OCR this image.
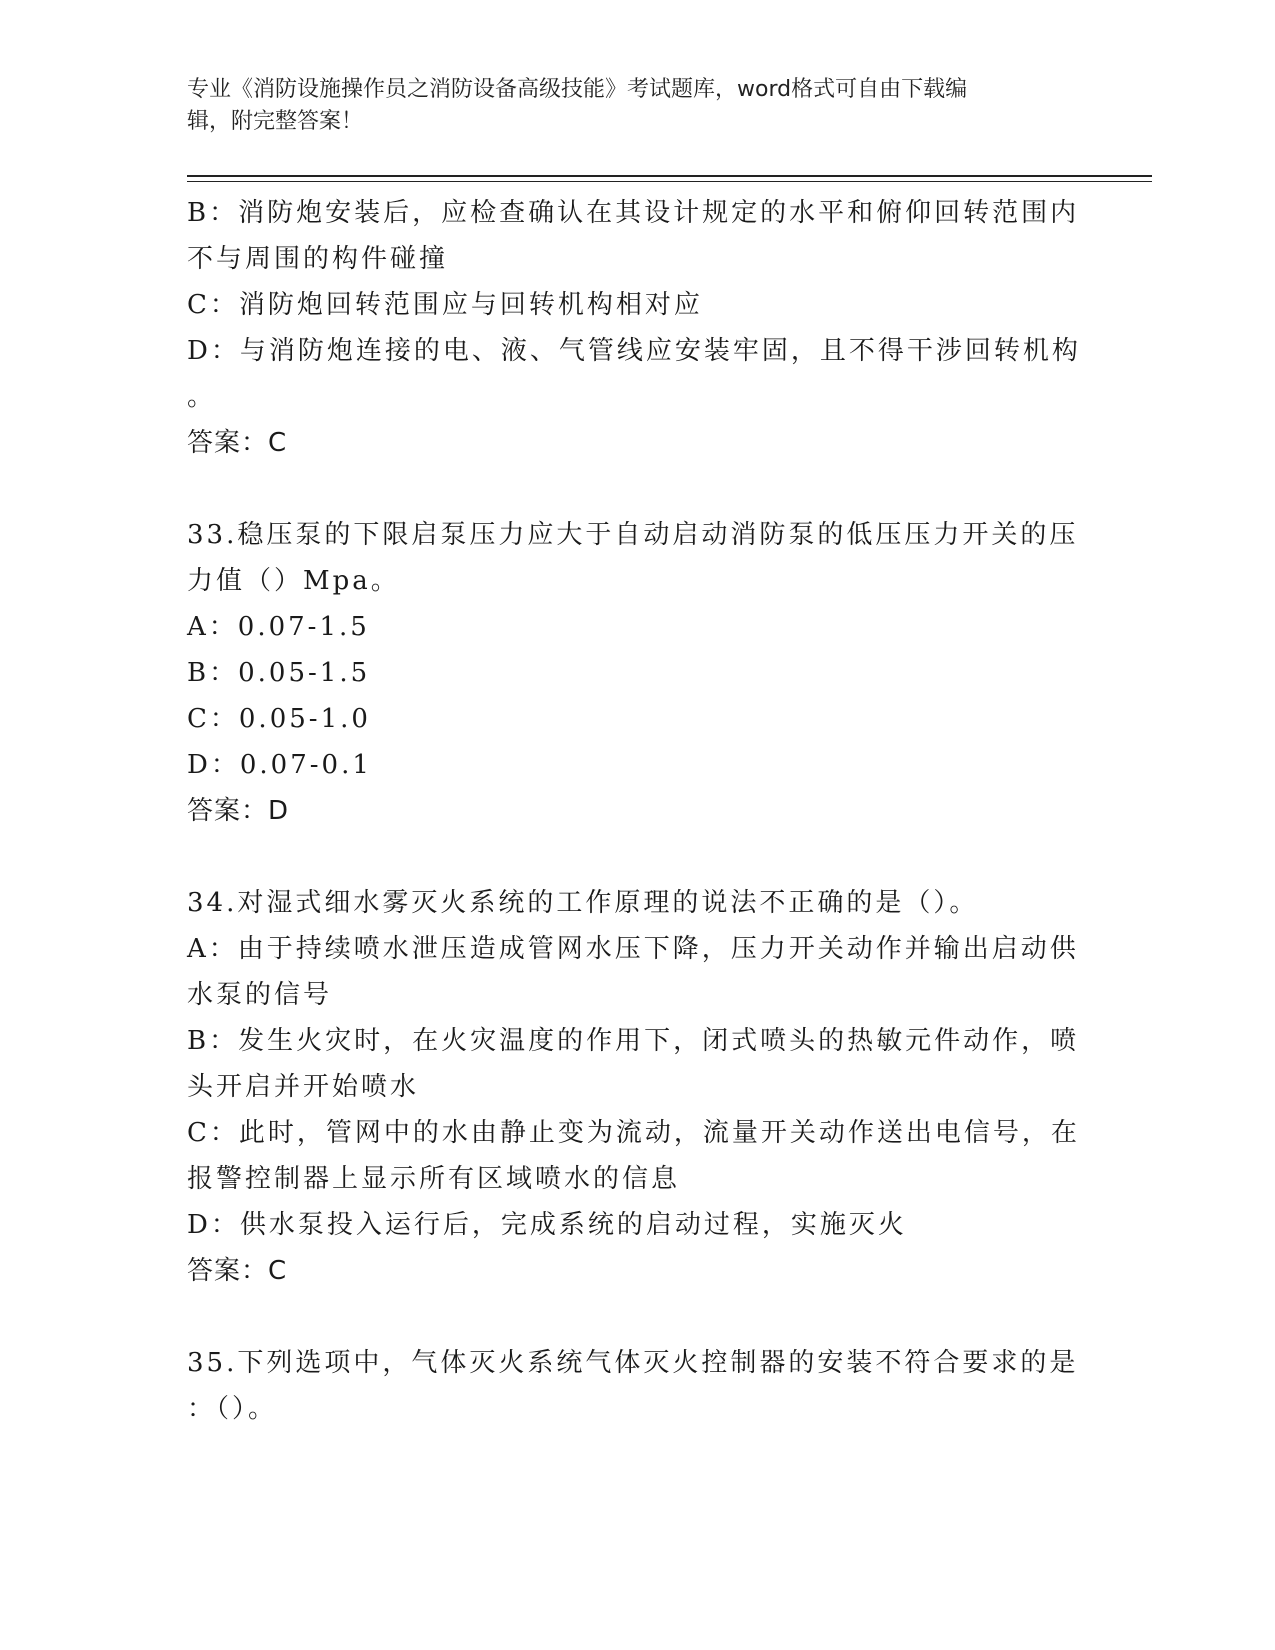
专业《消防设施操作员之消防设备高级技能》考试题库，word格式可自由下载编
辑，附完整答案！
B：消防炮安装后，应检查确认在其设计规定的水平和俯仰回转范围内
不与周围的构件碰撞
C：消防炮回转范围应与回转机构相对应
D：与消防炮连接的电、液、气管线应安装牢固，且不得干涉回转机构
。
答案：C
33.稳压泵的下限启泵压力应大于自动启动消防泵的低压压力开关的压
力值（）Mpa。
A：0.07-1.5
B：0.05-1.5
C：0.05-1.0
D：0.07-0.1
答案：D
34.对湿式细水雾灭火系统的工作原理的说法不正确的是（）。
A：由于持续喷水泄压造成管网水压下降，压力开关动作并输出启动供
水泵的信号
B：发生火灾时，在火灾温度的作用下，闭式喷头的热敏元件动作，喷
头开启并开始喷水
C：此时，管网中的水由静止变为流动，流量开关动作送出电信号，在
报警控制器上显示所有区域喷水的信息
D：供水泵投入运行后，完成系统的启动过程，实施灭火
答案：C
35.下列选项中，气体灭火系统气体灭火控制器的安装不符合要求的是
：（）。
